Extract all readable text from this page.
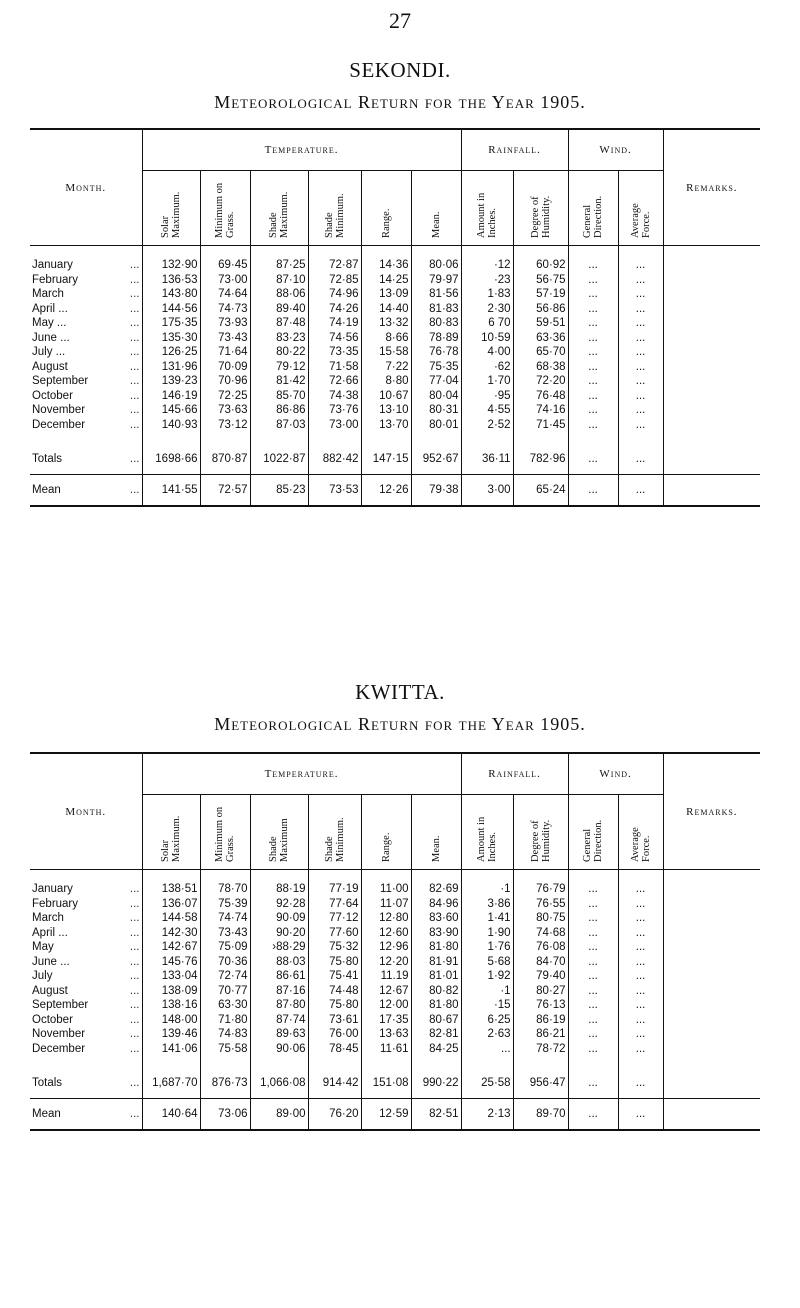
27
SEKONDI.
Meteorological Return for the Year 1905.
Month.	Temperature.						Rainfall.		Wind.		Remarks.
	Solar Maximum.	Minimum on Grass.	Shade Maximum.	Shade Minimum.	Range.	Mean.	Amount in Inches.	Degree of Humidity.	General Direction.	Average Force.	

January ...	132·90	69·45	87·25	72·87	14·36	80·06	·12	60·92	...	...	
February ...	136·53	73·00	87·10	72·85	14·25	79·97	·23	56·75	...	...	
March ...	143·80	74·64	88·06	74·96	13·09	81·56	1·83	57·19	...	...	
April ... ...	144·56	74·73	89·40	74·26	14·40	81·83	2·30	56·86	...	...	
May ... ...	175·35	73·93	87·48	74·19	13·32	80·83	6 70	59·51	...	...	
June ... ...	135·30	73·43	83·23	74·56	8·66	78·89	10·59	63·36	...	...	
July ... ...	126·25	71·64	80·22	73·35	15·58	76·78	4·00	65·70	...	...	
August ...	131·96	70·09	79·12	71·58	7·22	75·35	·62	68·38	...	...	
September ...	139·23	70·96	81·42	72·66	8·80	77·04	1·70	72·20	...	...	
October ...	146·19	72·25	85·70	74·38	10·67	80·04	·95	76·48	...	...	
November ...	145·66	73·63	86·86	73·76	13·10	80·31	4·55	74·16	...	...	
December ...	140·93	73·12	87·03	73·00	13·70	80·01	2·52	71·45	...	...	

Totals ...	1698·66	870·87	1022·87	882·42	147·15	952·67	36·11	782·96	...	...	
Mean ...	141·55	72·57	85·23	73·53	12·26	79·38	3·00	65·24	...	...	
KWITTA.
Meteorological Return for the Year 1905.
Month.	Temperature.						Rainfall.		Wind.		Remarks.
	Solar Maximum.	Minimum on Grass.	Shade Maximum	Shade Minimum.	Range.	Mean.	Amount in Inches.	Degree of Humidity.	General Direction.	Average Force.	

January ...	138·51	78·70	88·19	77·19	11·00	82·69	·1	76·79	...	...	
February ...	136·07	75·39	92·28	77·64	11·07	84·96	3·86	76·55	...	...	
March ...	144·58	74·74	90·09	77·12	12·80	83·60	1·41	80·75	...	...	
April ... ...	142·30	73·43	90·20	77·60	12·60	83·90	1·90	74·68	...	...	
May ...	142·67	75·09	›88·29	75·32	12·96	81·80	1·76	76·08	...	...	
June ... ...	145·76	70·36	88·03	75·80	12·20	81·91	5·68	84·70	...	...	
July ...	133·04	72·74	86·61	75·41	11.19	81·01	1·92	79·40	...	...	
August ...	138·09	70·77	87·16	74·48	12·67	80·82	·1	80·27	...	...	
September ...	138·16	63·30	87·80	75·80	12·00	81·80	·15	76·13	...	...	
October ...	148·00	71·80	87·74	73·61	17·35	80·67	6·25	86·19	...	...	
November ...	139·46	74·83	89·63	76·00	13·63	82·81	2·63	86·21	...	...	
December ...	141·06	75·58	90·06	78·45	11·61	84·25	...	78·72	...	...	

Totals ...	1,687·70	876·73	1,066·08	914·42	151·08	990·22	25·58	956·47	...	...	
Mean ...	140·64	73·06	89·00	76·20	12·59	82·51	2·13	89·70	...	...	
